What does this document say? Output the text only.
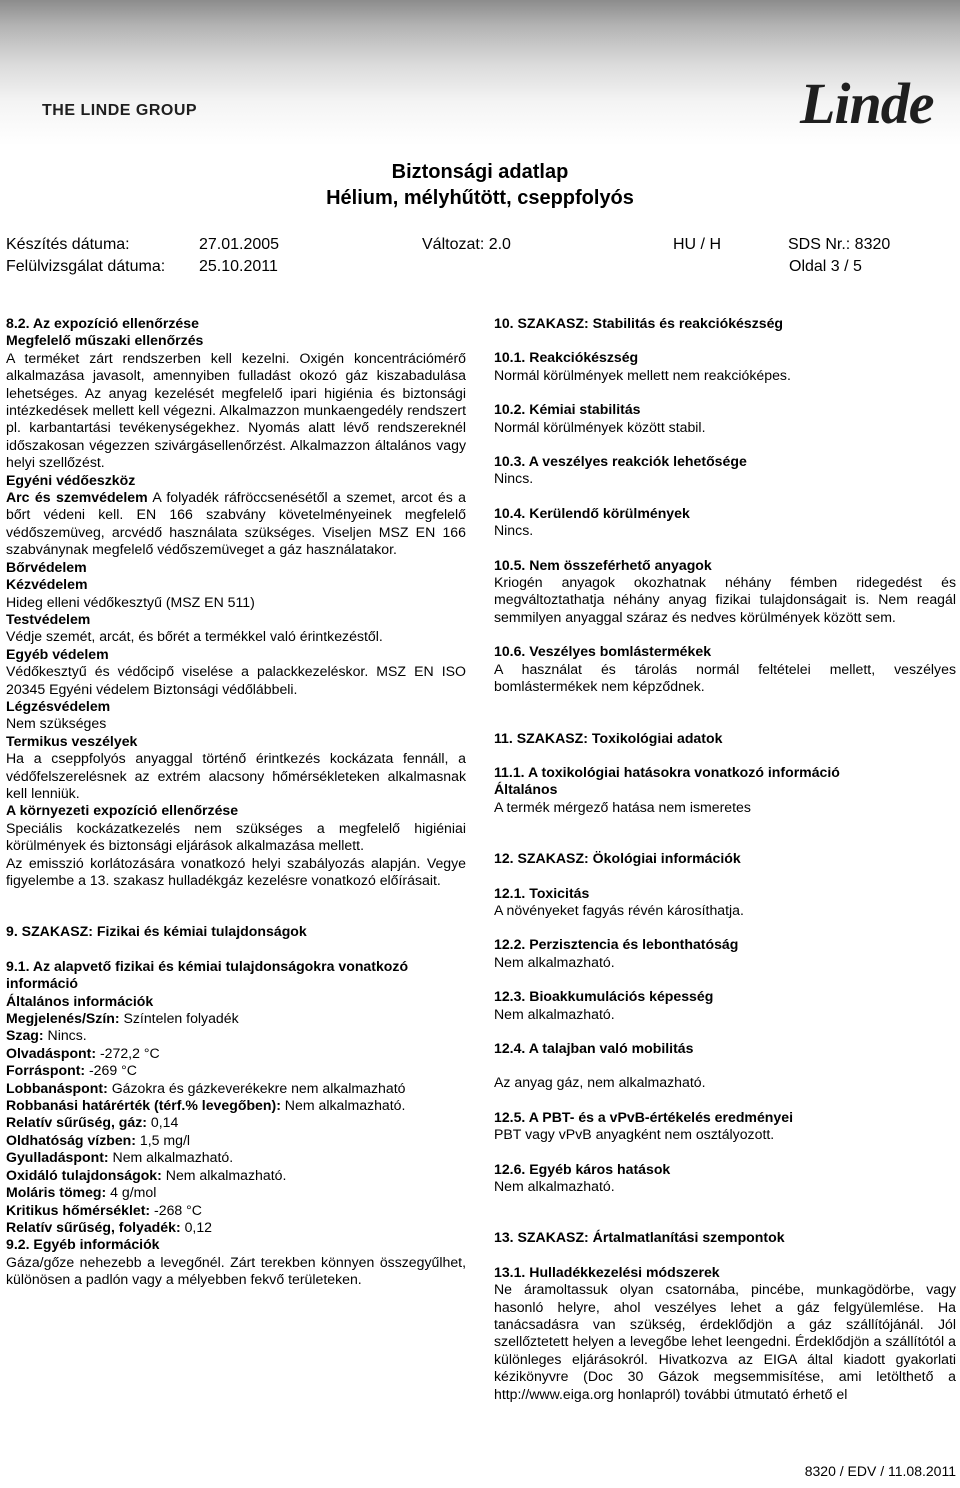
THE LINDE GROUP	Linde
Biztonsági adatlap
Hélium, mélyhűtött, cseppfolyós
Készítés dátuma:	27.01.2005	Változat: 2.0	HU / H	SDS Nr.: 8320
Felülvizsgálat dátuma: 25.10.2011	Oldal 3 / 5

8.2. Az expozíció ellenőrzése

Megfelelő műszaki ellenőrzés

A terméket zárt rendszerben kell kezelni. Oxigén koncentrációmérő alkalmazása javasolt, amennyiben fulladást okozó gáz kiszabadulása lehetséges. Az anyag kezelését megfelelő ipari higiénia és biztonsági intézkedések mellett kell végezni. Alkalmazzon munkaengedély rendszert pl. karbantartási tevékenységekhez. Nyomás alatt lévő rendszereknél időszakosan végezzen szivárgásellenőrzést. Alkalmazzon általános vagy helyi szellőzést.

Egyéni védőeszköz

Arc és szemvédelem A folyadék ráfröccsenésétől a szemet, arcot és a bőrt védeni kell. EN 166 szabvány követelményeinek megfelelő védőszemüveg, arcvédő használata szükséges. Viseljen MSZ EN 166 szabványnak megfelelő védőszemüveget a gáz használatakor.

Bőrvédelem

Kézvédelem

Hideg elleni védőkesztyű (MSZ EN 511)

Testvédelem

Védje szemét, arcát, és bőrét a termékkel való érintkezéstől.

Egyéb védelem

Védőkesztyű és védőcipő viselése a palackkezeléskor. MSZ EN ISO 20345 Egyéni védelem Biztonsági védőlábbeli.

Légzésvédelem

Nem szükséges

Termikus veszélyek

Ha a cseppfolyós anyaggal történő érintkezés kockázata fennáll, a védőfelszerelésnek az extrém alacsony hőmérsékleteken alkalmasnak kell lenniük.

A környezeti expozíció ellenőrzése

Speciális kockázatkezelés nem szükséges a megfelelő higiéniai körülmények és biztonsági eljárások alkalmazása mellett.

Az emisszió korlátozására vonatkozó helyi szabályozás alapján. Vegye figyelembe a 13. szakasz hulladékgáz kezelésre vonatkozó előírásait.

9. SZAKASZ: Fizikai és kémiai tulajdonságok

9.1. Az alapvető fizikai és kémiai tulajdonságokra vonatkozó információ

Általános információk

Megjelenés/Szín: Színtelen folyadék

Szag: Nincs.

Olvadáspont: -272,2 °C

Forráspont: -269 °C

Lobbanáspont: Gázokra és gázkeverékekre nem alkalmazható

Robbanási határérték (térf.% levegőben): Nem alkalmazható.

Relatív sűrűség, gáz: 0,14

Oldhatóság vízben: 1,5 mg/l

Gyulladáspont: Nem alkalmazható.

Oxidáló tulajdonságok: Nem alkalmazható.

Moláris tömeg: 4 g/mol

Kritikus hőmérséklet: -268 °C

Relatív sűrűség, folyadék: 0,12

9.2. Egyéb információk

Gáza/gőze nehezebb a levegőnél. Zárt terekben könnyen összegyűlhet, különösen a padlón vagy a mélyebben fekvő területeken.

10. SZAKASZ: Stabilitás és reakciókészség

10.1. Reakciókészség

Normál körülmények mellett nem reakcióképes.

10.2. Kémiai stabilitás

Normál körülmények között stabil.

10.3. A veszélyes reakciók lehetősége

Nincs.

10.4. Kerülendő körülmények

Nincs.

10.5. Nem összeférhető anyagok

Kriogén anyagok okozhatnak néhány fémben ridegedést és megváltoztathatja néhány anyag fizikai tulajdonságait is. Nem reagál semmilyen anyaggal száraz és nedves körülmények között sem.

10.6. Veszélyes bomlástermékek

A használat és tárolás normál feltételei mellett, veszélyes bomlástermékek nem képződnek.

11. SZAKASZ: Toxikológiai adatok

11.1. A toxikológiai hatásokra vonatkozó információ

Általános

A termék mérgező hatása nem ismeretes

12. SZAKASZ: Ökológiai információk

12.1. Toxicitás

A növényeket fagyás révén károsíthatja.

12.2. Perzisztencia és lebonthatóság

Nem alkalmazható.

12.3. Bioakkumulációs képesség

Nem alkalmazható.

12.4. A talajban való mobilitás

Az anyag gáz, nem alkalmazható.

12.5. A PBT- és a vPvB-értékelés eredményei

PBT vagy vPvB anyagként nem osztályozott.

12.6. Egyéb káros hatások

Nem alkalmazható.

13. SZAKASZ: Ártalmatlanítási szempontok

13.1. Hulladékkezelési módszerek

Ne áramoltassuk olyan csatornába, pincébe, munkagödörbe, vagy hasonló helyre, ahol veszélyes lehet a gáz felgyülemlése. Ha tanácsadásra van szükség, érdeklődjön a gáz szállítójánál. Jól szellőztetett helyen a levegőbe lehet leengedni. Érdeklődjön a szállítótól a különleges eljárásokról. Hivatkozva az EIGA által kiadott gyakorlati kézikönyvre (Doc 30 Gázok megsemmisítése, ami letölthető a http://www.eiga.org honlapról) további útmutató érhető el

8320 / EDV / 11.08.2011
